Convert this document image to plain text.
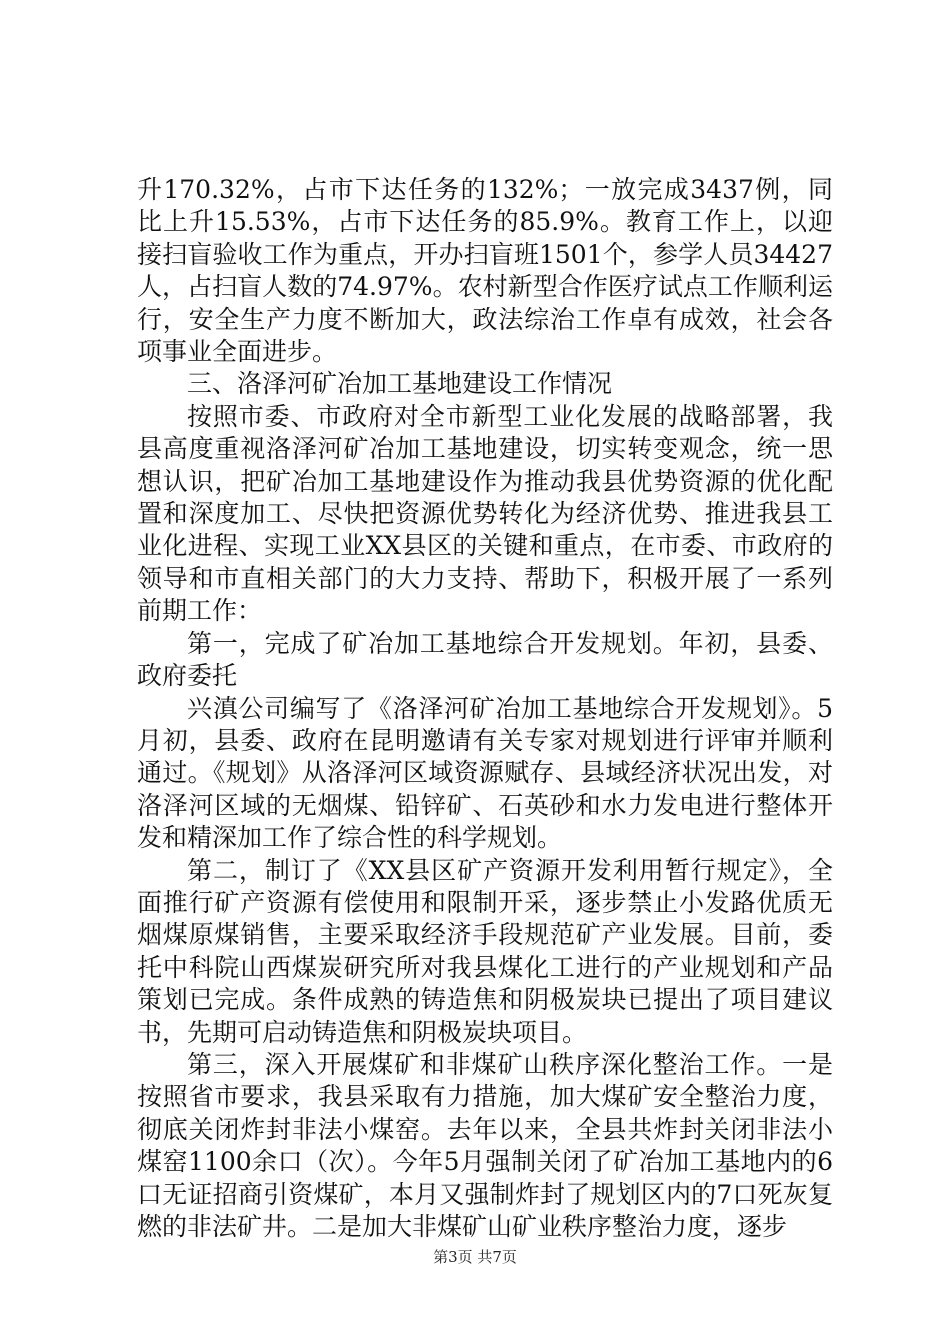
升170.32%，占市下达任务的132%；一放完成3437例，同比上升15.53%，占市下达任务的85.9%。教育工作上，以迎接扫盲验收工作为重点，开办扫盲班1501个，参学人员34427人，占扫盲人数的74.97%。农村新型合作医疗试点工作顺利运行，安全生产力度不断加大，政法综治工作卓有成效，社会各项事业全面进步。

三、洛泽河矿冶加工基地建设工作情况

按照市委、市政府对全市新型工业化发展的战略部署，我县高度重视洛泽河矿冶加工基地建设，切实转变观念，统一思想认识，把矿冶加工基地建设作为推动我县优势资源的优化配置和深度加工、尽快把资源优势转化为经济优势、推进我县工业化进程、实现工业XX县区的关键和重点，在市委、市政府的领导和市直相关部门的大力支持、帮助下，积极开展了一系列前期工作：

第一，完成了矿冶加工基地综合开发规划。年初，县委、政府委托

兴滇公司编写了《洛泽河矿冶加工基地综合开发规划》。5月初，县委、政府在昆明邀请有关专家对规划进行评审并顺利通过。《规划》从洛泽河区域资源赋存、县域经济状况出发，对洛泽河区域的无烟煤、铅锌矿、石英砂和水力发电进行整体开发和精深加工作了综合性的科学规划。

第二，制订了《XX县区矿产资源开发利用暂行规定》，全面推行矿产资源有偿使用和限制开采，逐步禁止小发路优质无烟煤原煤销售，主要采取经济手段规范矿产业发展。目前，委托中科院山西煤炭研究所对我县煤化工进行的产业规划和产品策划已完成。条件成熟的铸造焦和阴极炭块已提出了项目建议书，先期可启动铸造焦和阴极炭块项目。

第三，深入开展煤矿和非煤矿山秩序深化整治工作。一是按照省市要求，我县采取有力措施，加大煤矿安全整治力度，彻底关闭炸封非法小煤窑。去年以来，全县共炸封关闭非法小煤窑1100余口（次）。今年5月强制关闭了矿冶加工基地内的6口无证招商引资煤矿，本月又强制炸封了规划区内的7口死灰复燃的非法矿井。二是加大非煤矿山矿业秩序整治力度，逐步

第3页 共7页
